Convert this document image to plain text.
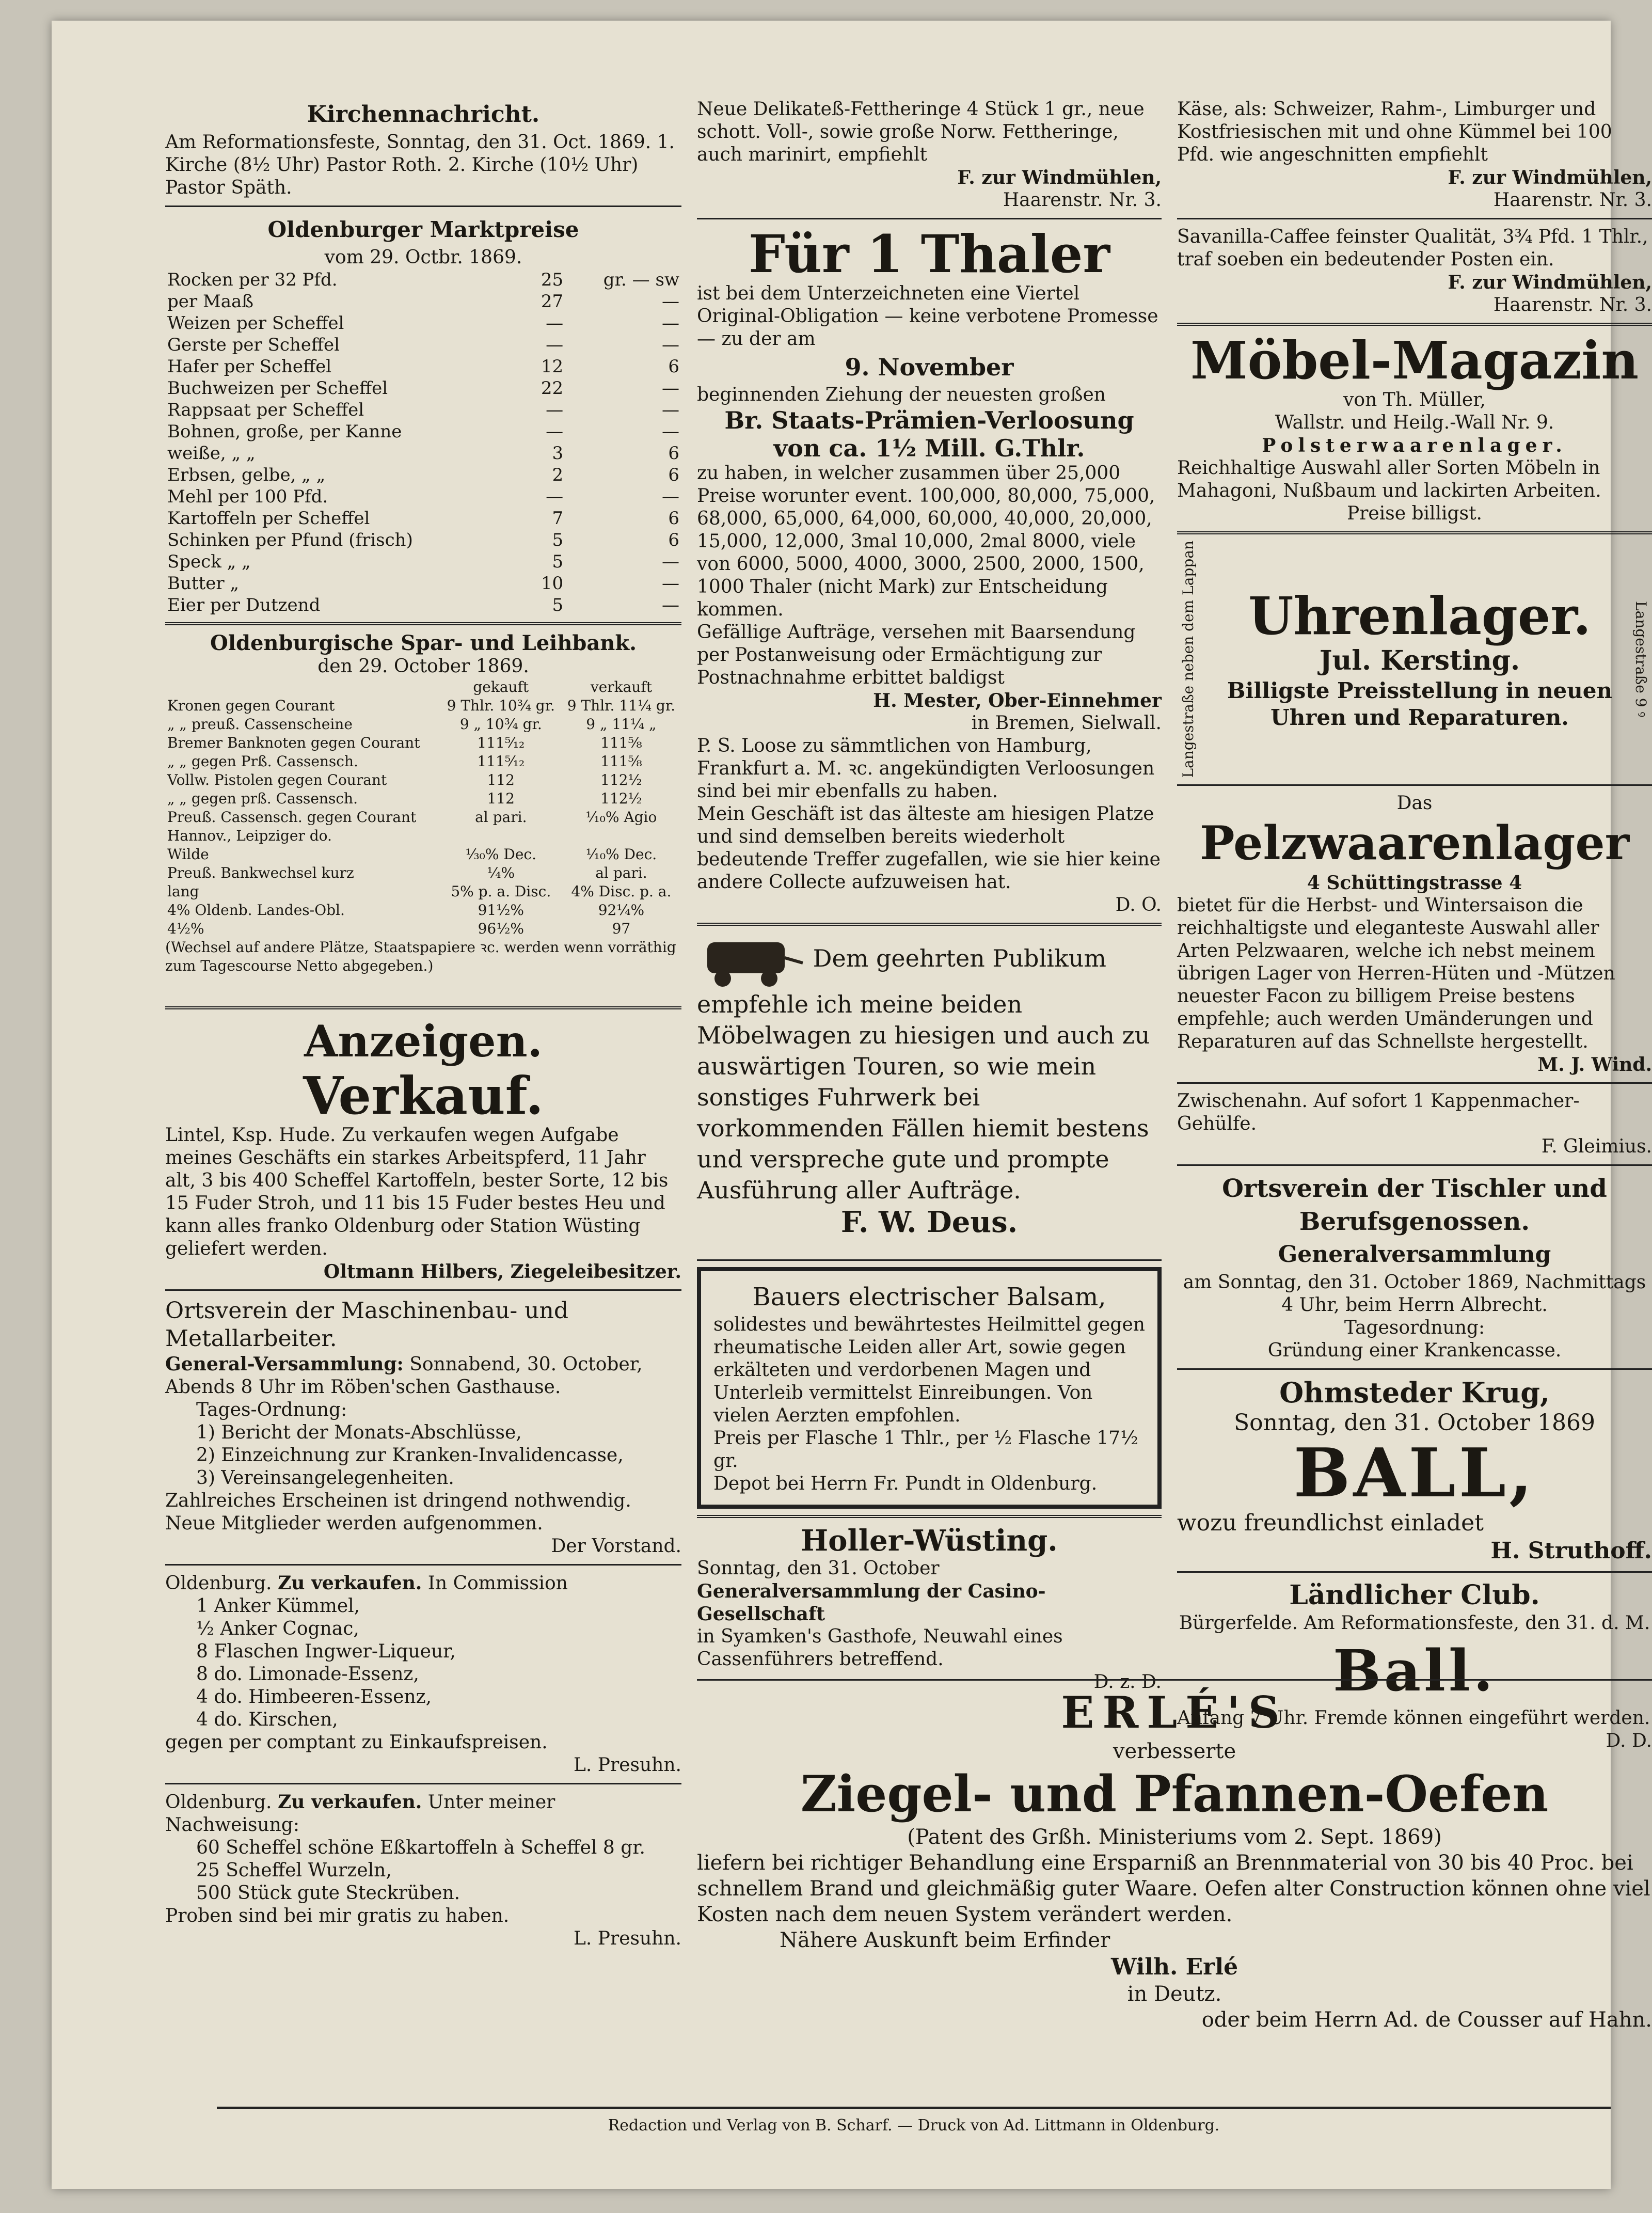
Kirchennachricht.
Am Reformationsfeste, Sonntag, den 31. Oct. 1869. 1. Kirche (8½ Uhr) Pastor Roth. 2. Kirche (10½ Uhr) Pastor Späth.
Oldenburger Marktpreise
vom 29. Octbr. 1869.
Rocken per 32 Pfd.	25	gr. — sw
per Maaß	27	—
Weizen per Scheffel	—	—
Gerste per Scheffel	—	—
Hafer per Scheffel	12	6
Buchweizen per Scheffel	22	—
Rappsaat per Scheffel	—	—
Bohnen, große, per Kanne	—	—
weiße, „ „	3	6
Erbsen, gelbe, „ „	2	6
Mehl per 100 Pfd.	—	—
Kartoffeln per Scheffel	7	6
Schinken per Pfund (frisch)	5	6
Speck „ „	5	—
Butter „	10	—
Eier per Dutzend	5	—
Oldenburgische Spar- und Leihbank.
den 29. October 1869.
	gekauft	verkauft
Kronen gegen Courant	9 Thlr. 10¾ gr.	9 Thlr. 11¼ gr.
„ „ preuß. Cassenscheine	9 „ 10¾ gr.	9 „ 11¼ „
Bremer Banknoten gegen Courant	111⁵⁄₁₂	111⁵⁄₈
„ „ gegen Prß. Cassensch.	111⁵⁄₁₂	111⁵⁄₈
Vollw. Pistolen gegen Courant	112	112½
„ „ gegen prß. Cassensch.	112	112½
Preuß. Cassensch. gegen Courant	al pari.	¹⁄₁₀% Agio
Hannov., Leipziger do.		
Wilde	¹⁄₃₀% Dec.	¹⁄₁₀% Dec.
Preuß. Bankwechsel kurz	¼%	al pari.
lang	5% p. a. Disc.	4% Disc. p. a.
4% Oldenb. Landes-Obl.	91½%	92¼%
4½%	96½%	97
(Wechsel auf andere Plätze, Staatspapiere ꝛc. werden wenn vorräthig zum Tagescourse Netto abgegeben.)
Anzeigen.
Verkauf.
Lintel, Ksp. Hude. Zu verkaufen wegen Aufgabe meines Geschäfts ein starkes Arbeitspferd, 11 Jahr alt, 3 bis 400 Scheffel Kartoffeln, bester Sorte, 12 bis 15 Fuder Stroh, und 11 bis 15 Fuder bestes Heu und kann alles franko Oldenburg oder Station Wüsting geliefert werden.
Oltmann Hilbers, Ziegeleibesitzer.
Ortsverein der Maschinenbau- und Metallarbeiter.
General-Versammlung: Sonnabend, 30. October, Abends 8 Uhr im Röben'schen Gasthause.
Tages-Ordnung:
1) Bericht der Monats-Abschlüsse,
2) Einzeichnung zur Kranken-Invalidencasse,
3) Vereinsangelegenheiten.
Zahlreiches Erscheinen ist dringend nothwendig. Neue Mitglieder werden aufgenommen.
Der Vorstand.
Oldenburg. Zu verkaufen. In Commission
1 Anker Kümmel,
½ Anker Cognac,
8 Flaschen Ingwer-Liqueur,
8 do. Limonade-Essenz,
4 do. Himbeeren-Essenz,
4 do. Kirschen,
gegen per comptant zu Einkaufspreisen.
L. Presuhn.
Oldenburg. Zu verkaufen. Unter meiner Nachweisung:
60 Scheffel schöne Eßkartoffeln à Scheffel 8 gr.
25 Scheffel Wurzeln,
500 Stück gute Steckrüben.
Proben sind bei mir gratis zu haben.
L. Presuhn.
Neue Delikateß-Fettheringe 4 Stück 1 gr., neue schott. Voll-, sowie große Norw. Fettheringe, auch marinirt, empfiehlt
F. zur Windmühlen,
Haarenstr. Nr. 3.
Für 1 Thaler
ist bei dem Unterzeichneten eine Viertel Original-Obligation — keine verbotene Promesse — zu der am
9. November
beginnenden Ziehung der neuesten großen
Br. Staats-Prämien-Verloosung von ca. 1½ Mill. G.Thlr.
zu haben, in welcher zusammen über 25,000 Preise worunter event. 100,000, 80,000, 75,000, 68,000, 65,000, 64,000, 60,000, 40,000, 20,000, 15,000, 12,000, 3mal 10,000, 2mal 8000, viele von 6000, 5000, 4000, 3000, 2500, 2000, 1500, 1000 Thaler (nicht Mark) zur Entscheidung kommen.
Gefällige Aufträge, versehen mit Baarsendung per Postanweisung oder Ermächtigung zur Postnachnahme erbittet baldigst
H. Mester, Ober-Einnehmer
in Bremen, Sielwall.
P. S. Loose zu sämmtlichen von Hamburg, Frankfurt a. M. ꝛc. angekündigten Verloosungen sind bei mir ebenfalls zu haben.
Mein Geschäft ist das älteste am hiesigen Platze und sind demselben bereits wiederholt bedeutende Treffer zugefallen, wie sie hier keine andere Collecte aufzuweisen hat.
D. O.
Dem geehrten Publikum empfehle ich meine beiden Möbelwagen zu hiesigen und auch zu auswärtigen Touren, so wie mein sonstiges Fuhrwerk bei vorkommenden Fällen hiemit bestens und verspreche gute und prompte Ausführung aller Aufträge.
F. W. Deus.
Bauers electrischer Balsam,
solidestes und bewährtestes Heilmittel gegen rheumatische Leiden aller Art, sowie gegen erkälteten und verdorbenen Magen und Unterleib vermittelst Einreibungen. Von vielen Aerzten empfohlen.
Preis per Flasche 1 Thlr., per ½ Flasche 17½ gr.
Depot bei Herrn Fr. Pundt in Oldenburg.
Holler-Wüsting.
Sonntag, den 31. October
Generalversammlung der Casino-Gesellschaft
in Syamken's Gasthofe, Neuwahl eines Cassenführers betreffend.
D. z. D.
Käse, als: Schweizer, Rahm-, Limburger und Kostfriesischen mit und ohne Kümmel bei 100 Pfd. wie angeschnitten empfiehlt
F. zur Windmühlen,
Haarenstr. Nr. 3.
Savanilla-Caffee feinster Qualität, 3¾ Pfd. 1 Thlr., traf soeben ein bedeutender Posten ein.
F. zur Windmühlen,
Haarenstr. Nr. 3.
Möbel-Magazin
von Th. Müller,
Wallstr. und Heilg.-Wall Nr. 9.
Polsterwaarenlager.
Reichhaltige Auswahl aller Sorten Möbeln in Mahagoni, Nußbaum und lackirten Arbeiten.
Preise billigst.
Langestraße neben dem Lappan	Uhrenlager.
Jul. Kersting.
Billigste Preisstellung in neuen Uhren und Reparaturen.	Langestraße 9 ꝰ
Das
Pelzwaarenlager
4 Schüttingstrasse 4
bietet für die Herbst- und Wintersaison die reichhaltigste und eleganteste Auswahl aller Arten Pelzwaaren, welche ich nebst meinem übrigen Lager von Herren-Hüten und -Mützen neuester Facon zu billigem Preise bestens empfehle; auch werden Umänderungen und Reparaturen auf das Schnellste hergestellt.
M. J. Wind.
Zwischenahn. Auf sofort 1 Kappenmacher-Gehülfe.
F. Gleimius.
Ortsverein der Tischler und Berufsgenossen.
Generalversammlung
am Sonntag, den 31. October 1869, Nachmittags 4 Uhr, beim Herrn Albrecht.
Tagesordnung:
Gründung einer Krankencasse.
Ohmsteder Krug,
Sonntag, den 31. October 1869
BALL,
wozu freundlichst einladet
H. Struthoff.
Ländlicher Club.
Bürgerfelde. Am Reformationsfeste, den 31. d. M.
Ball.
Anfang 7 Uhr. Fremde können eingeführt werden.
D. D.
ERLÉ'S
verbesserte
Ziegel- und Pfannen-Oefen
(Patent des Grßh. Ministeriums vom 2. Sept. 1869)
liefern bei richtiger Behandlung eine Ersparniß an Brennmaterial von 30 bis 40 Proc. bei schnellem Brand und gleichmäßig guter Waare. Oefen alter Construction können ohne viel Kosten nach dem neuen System verändert werden.
Nähere Auskunft beim Erfinder
Wilh. Erlé
in Deutz.
oder beim Herrn Ad. de Cousser auf Hahn.
Redaction und Verlag von B. Scharf. — Druck von Ad. Littmann in Oldenburg.
